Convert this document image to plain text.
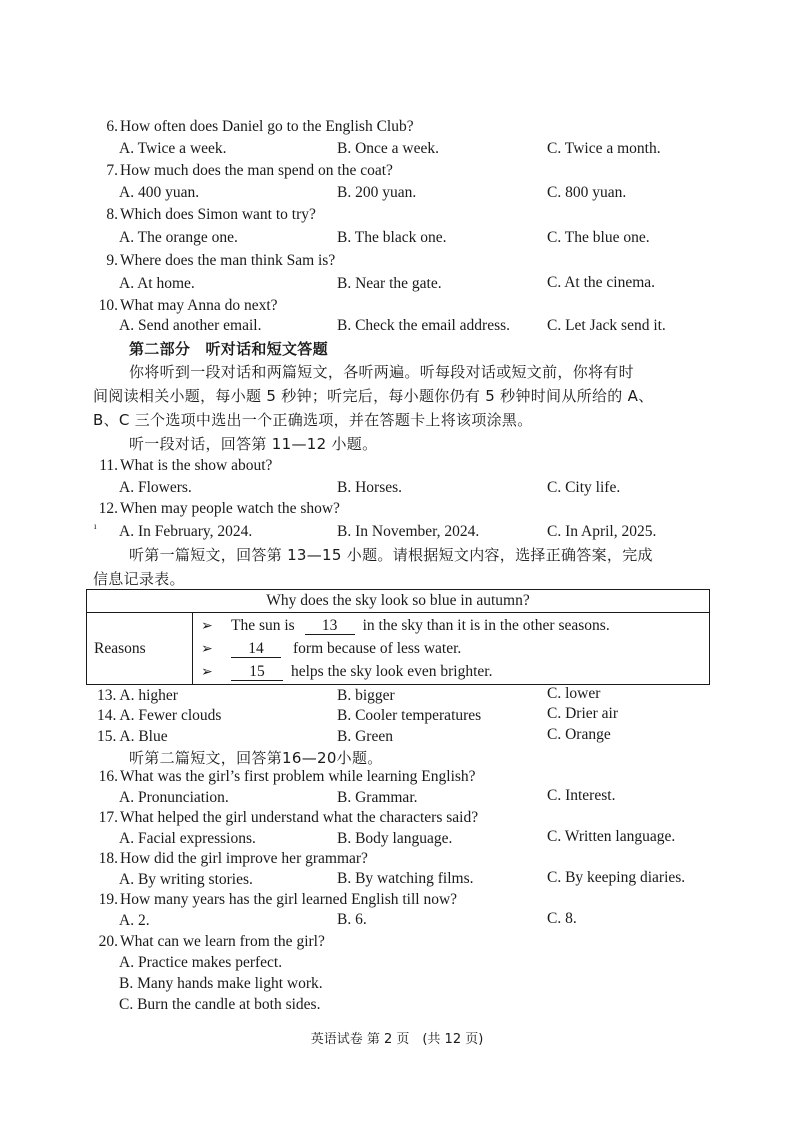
6. How often does Daniel go to the English Club?
A. Twice a week.	B. Once a week.	C. Twice a month.
7. How much does the man spend on the coat?
A. 400 yuan.	B. 200 yuan.	C. 800 yuan.
8. Which does Simon want to try?
A. The orange one.	B. The black one.	C. The blue one.
9. Where does the man think Sam is?
A. At home.	B. Near the gate.	C. At the cinema.
10. What may Anna do next?
A. Send another email.	B. Check the email address. C. Let Jack send it.
第二部分　听对话和短文答题
你将听到一段对话和两篇短文，各听两遍。听每段对话或短文前，你将有时
间阅读相关小题，每小题 5 秒钟；听完后，每小题你仍有 5 秒钟时间从所给的 A、
B、C 三个选项中选出一个正确选项，并在答题卡上将该项涂黑。
听一段对话，回答第 11—12 小题。
11. What is the show about?
A. Flowers.	B. Horses.	C. City life.
12. When may people watch the show?
ı A. In February, 2024.	B. In November, 2024.	C. In April, 2025.
听第一篇短文，回答第 13—15 小题。请根据短文内容，选择正确答案，完成
信息记录表。
Why does the sky look so blue in autumn?
Reasons	
➢ The sun is 13 in the sky than it is in the other seasons.
➢ 14 form because of less water.
➢ 15 helps the sky look even brighter.
13. A. higher	B. bigger	C. lower
14. A. Fewer clouds	B. Cooler temperatures	C. Drier air
15. A. Blue	B. Green	C. Orange
听第二篇短文，回答第16—20小题。
16. What was the girl’s first problem while learning English?
A. Pronunciation.	B. Grammar.	C. Interest.
17. What helped the girl understand what the characters said?
A. Facial expressions.	B. Body language.	C. Written language.
18. How did the girl improve her grammar?
A. By writing stories.	B. By watching films.	C. By keeping diaries.
19. How many years has the girl learned English till now?
A. 2.	B. 6.	C. 8.
20. What can we learn from the girl?
A. Practice makes perfect.
B. Many hands make light work.
C. Burn the candle at both sides.
英语试卷 第 2 页　(共 12 页)
